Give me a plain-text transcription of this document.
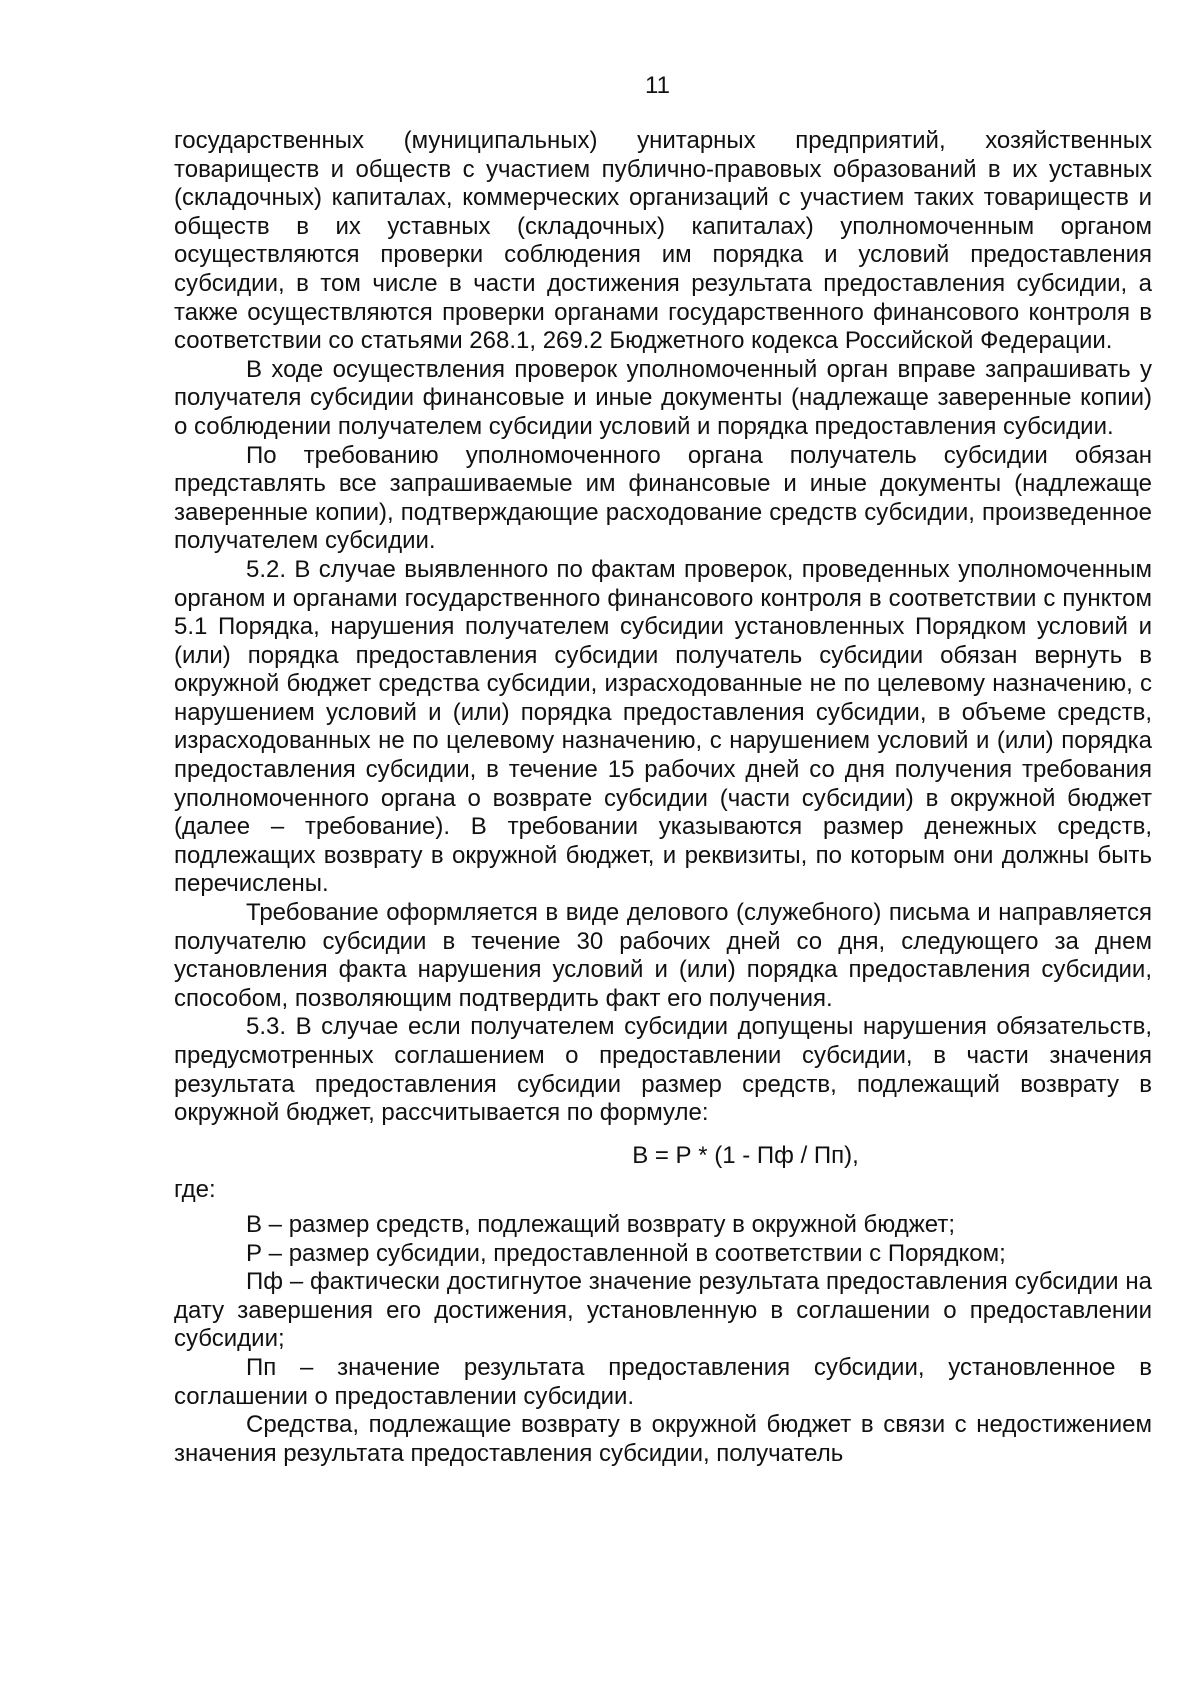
11

государственных (муниципальных) унитарных предприятий, хозяйственных товариществ и обществ с участием публично-правовых образований в их уставных (складочных) капиталах, коммерческих организаций с участием таких товариществ и обществ в их уставных (складочных) капиталах) уполномоченным органом осуществляются проверки соблюдения им порядка и условий предоставления субсидии, в том числе в части достижения результата предоставления субсидии, а также осуществляются проверки органами государственного финансового контроля в соответствии со статьями 268.1, 269.2 Бюджетного кодекса Российской Федерации.

В ходе осуществления проверок уполномоченный орган вправе запрашивать у получателя субсидии финансовые и иные документы (надлежаще заверенные копии) о соблюдении получателем субсидии условий и порядка предоставления субсидии.

По требованию уполномоченного органа получатель субсидии обязан представлять все запрашиваемые им финансовые и иные документы (надлежаще заверенные копии), подтверждающие расходование средств субсидии, произведенное получателем субсидии.

5.2. В случае выявленного по фактам проверок, проведенных уполномоченным органом и органами государственного финансового контроля в соответствии с пунктом 5.1 Порядка, нарушения получателем субсидии установленных Порядком условий и (или) порядка предоставления субсидии получатель субсидии обязан вернуть в окружной бюджет средства субсидии, израсходованные не по целевому назначению, с нарушением условий и (или) порядка предоставления субсидии, в объеме средств, израсходованных не по целевому назначению, с нарушением условий и (или) порядка предоставления субсидии, в течение 15 рабочих дней со дня получения требования уполномоченного органа о возврате субсидии (части субсидии) в окружной бюджет (далее – требование). В требовании указываются размер денежных средств, подлежащих возврату в окружной бюджет, и реквизиты, по которым они должны быть перечислены.

Требование оформляется в виде делового (служебного) письма и направляется получателю субсидии в течение 30 рабочих дней со дня, следующего за днем установления факта нарушения условий и (или) порядка предоставления субсидии, способом, позволяющим подтвердить факт его получения.

5.3. В случае если получателем субсидии допущены нарушения обязательств, предусмотренных соглашением о предоставлении субсидии, в части значения результата предоставления субсидии размер средств, подлежащий возврату в окружной бюджет, рассчитывается по формуле:

В = Р * (1 - Пф / Пп),

где:

В – размер средств, подлежащий возврату в окружной бюджет;

Р – размер субсидии, предоставленной в соответствии с Порядком;

Пф – фактически достигнутое значение результата предоставления субсидии на дату завершения его достижения, установленную в соглашении о предоставлении субсидии;

Пп – значение результата предоставления субсидии, установленное в соглашении о предоставлении субсидии.

Средства, подлежащие возврату в окружной бюджет в связи с недостижением значения результата предоставления субсидии, получатель
